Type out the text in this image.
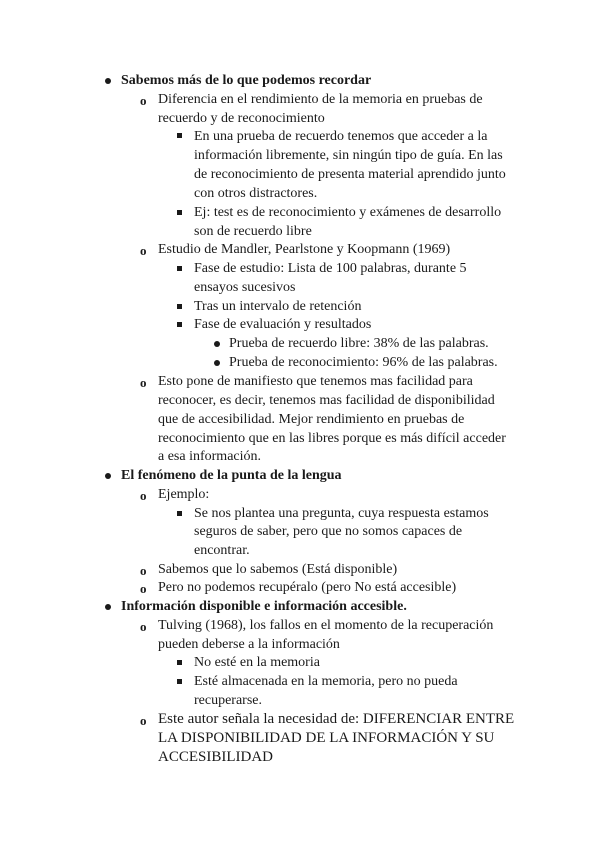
Sabemos más de lo que podemos recordar
o Diferencia en el rendimiento de la memoria en pruebas de
recuerdo y de reconocimiento
En una prueba de recuerdo tenemos que acceder a la
información libremente, sin ningún tipo de guía. En las
de reconocimiento de presenta material aprendido junto
con otros distractores.
Ej: test es de reconocimiento y exámenes de desarrollo
son de recuerdo libre
o Estudio de Mandler, Pearlstone y Koopmann (1969)
Fase de estudio: Lista de 100 palabras, durante 5
ensayos sucesivos
Tras un intervalo de retención
Fase de evaluación y resultados
Prueba de recuerdo libre: 38% de las palabras.
Prueba de reconocimiento: 96% de las palabras.
o Esto pone de manifiesto que tenemos mas facilidad para
reconocer, es decir, tenemos mas facilidad de disponibilidad
que de accesibilidad. Mejor rendimiento en pruebas de
reconocimiento que en las libres porque es más difícil acceder
a esa información.
El fenómeno de la punta de la lengua
o Ejemplo:
Se nos plantea una pregunta, cuya respuesta estamos
seguros de saber, pero que no somos capaces de
encontrar.
o Sabemos que lo sabemos (Está disponible)
o Pero no podemos recupéralo (pero No está accesible)
Información disponible e información accesible.
o Tulving (1968), los fallos en el momento de la recuperación
pueden deberse a la información
No esté en la memoria
Esté almacenada en la memoria, pero no pueda
recuperarse.
o Este autor señala la necesidad de: DIFERENCIAR ENTRE
LA DISPONIBILIDAD DE LA INFORMACIÓN Y SU
ACCESIBILIDAD
